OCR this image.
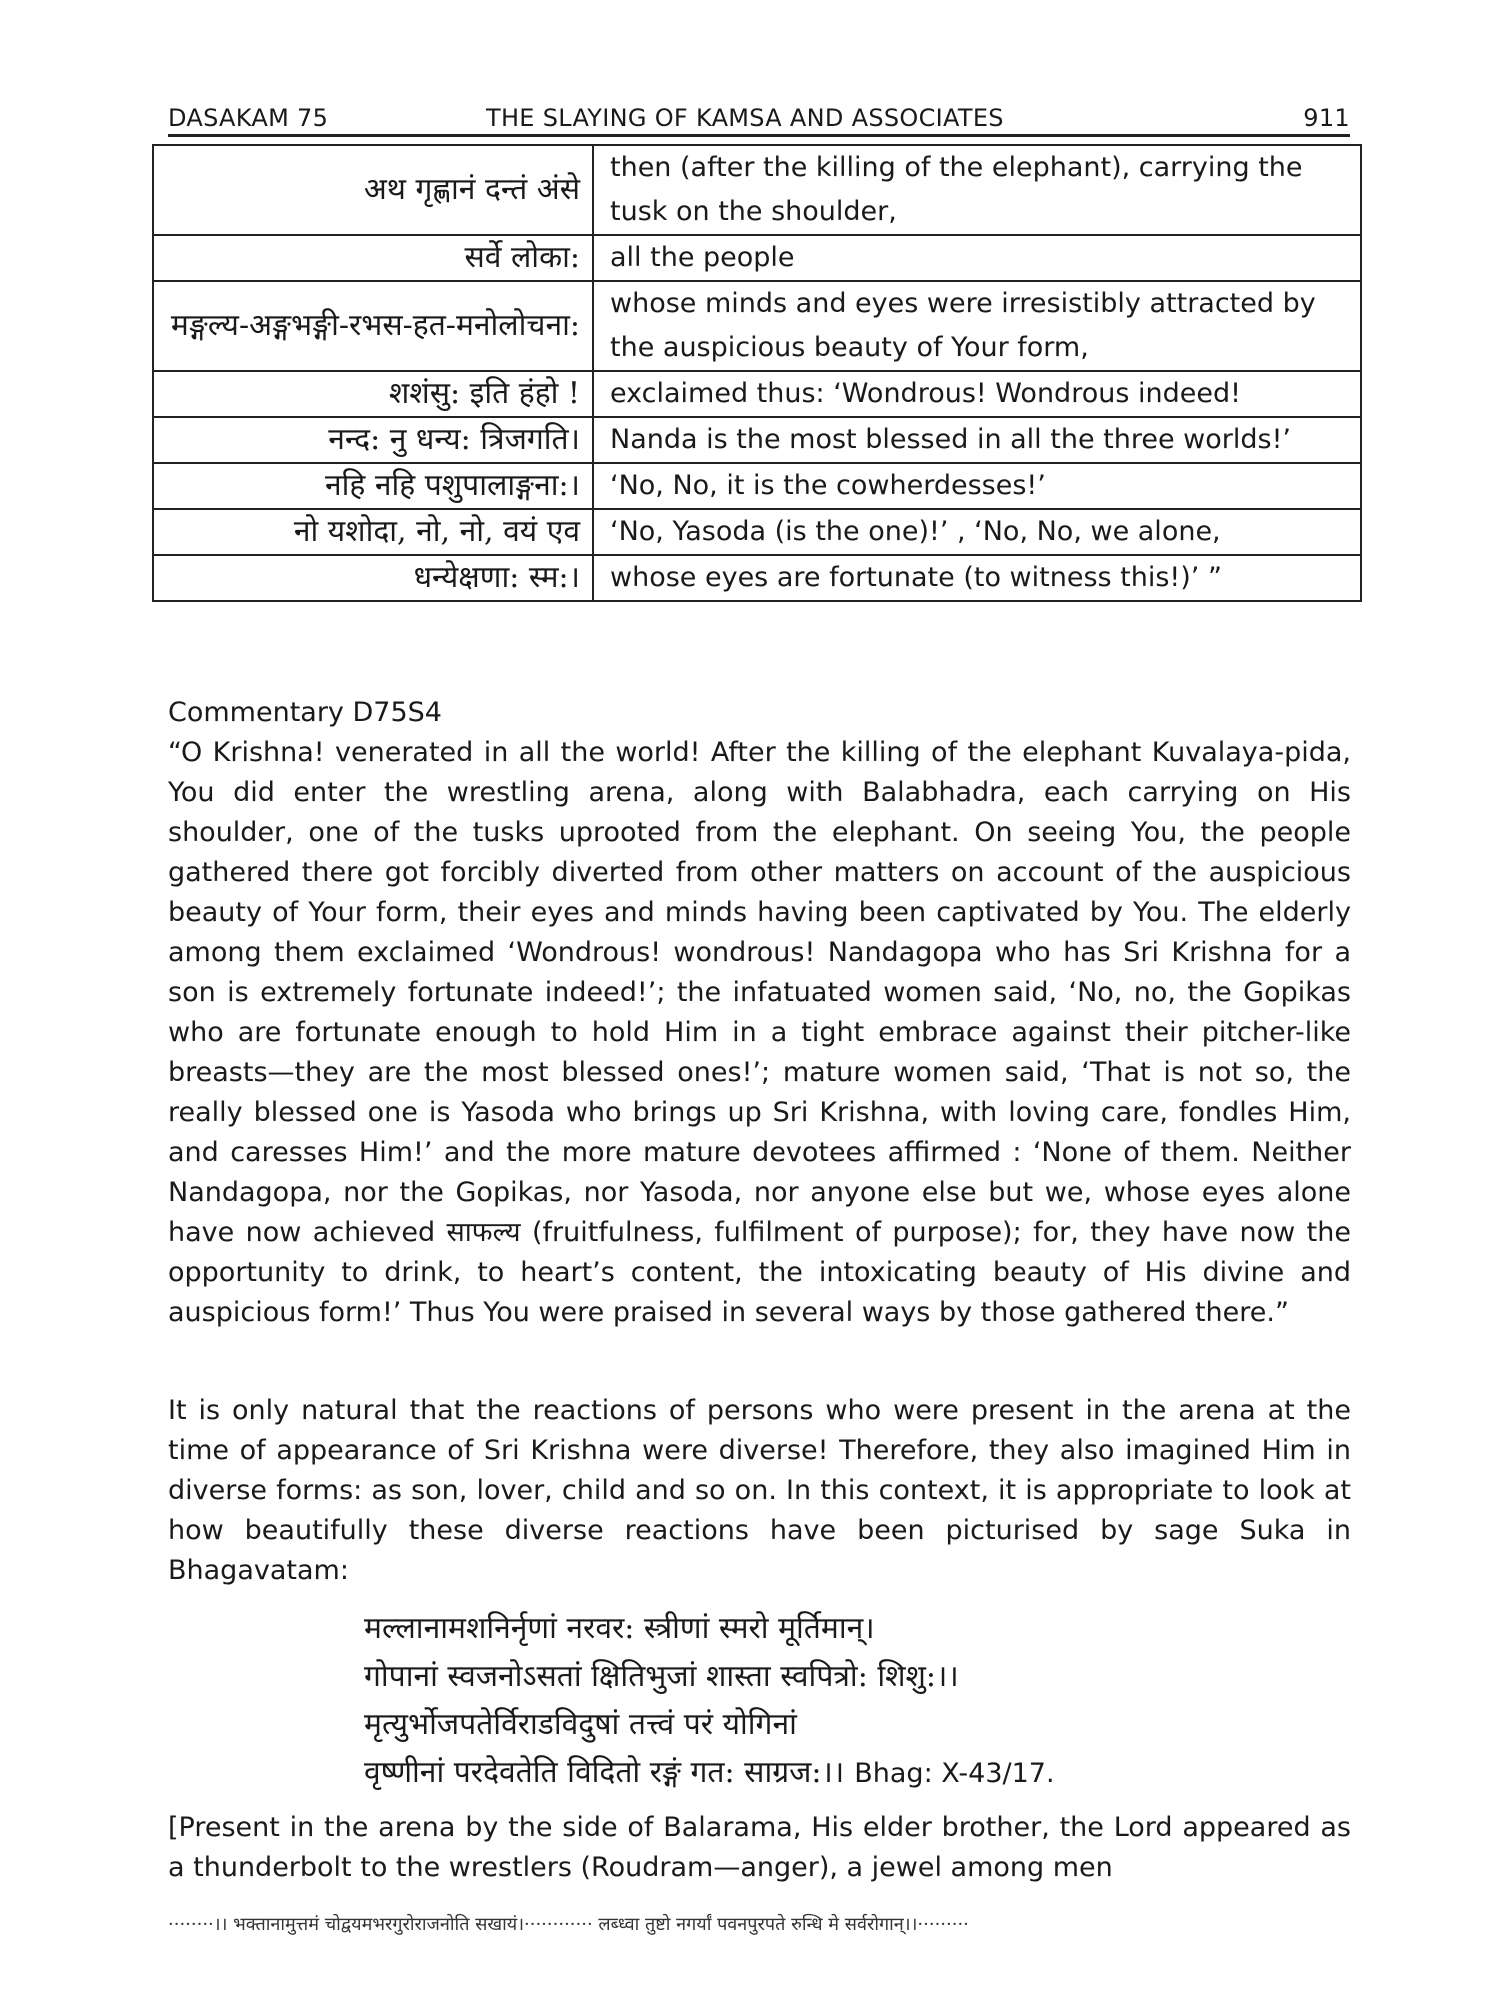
DASAKAM 75	THE SLAYING OF KAMSA AND ASSOCIATES	911
अथ गृह्णानं दन्तं अंसे	then (after the killing of the elephant), carrying the tusk on the shoulder,
सर्वे लोका:	all the people
मङ्गल्य-अङ्गभङ्गी-रभस-हत-मनोलोचना:	whose minds and eyes were irresistibly attracted by the auspicious beauty of Your form,
शशंसु: इति हंहो !	exclaimed thus: ‘Wondrous! Wondrous indeed!
नन्द: नु धन्य: त्रिजगति।	Nanda is the most blessed in all the three worlds!’
नहि नहि पशुपालाङ्गना:।	‘No, No, it is the cowherdesses!’
नो यशोदा, नो, नो, वयं एव	‘No, Yasoda (is the one)!’ , ‘No, No, we alone,
धन्येक्षणा: स्म:।	whose eyes are fortunate (to witness this!)’ ”
Commentary D75S4

“O Krishna! venerated in all the world! After the killing of the elephant Kuvalaya-pida, You did enter the wrestling arena, along with Balabhadra, each carrying on His shoulder, one of the tusks uprooted from the elephant. On seeing You, the people gathered there got forcibly diverted from other matters on account of the auspicious beauty of Your form, their eyes and minds having been captivated by You. The elderly among them exclaimed ‘Wondrous! wondrous! Nandagopa who has Sri Krishna for a son is extremely fortunate indeed!’; the infatuated women said, ‘No, no, the Gopikas who are fortunate enough to hold Him in a tight embrace against their pitcher-like breasts—they are the most blessed ones!’; mature women said, ‘That is not so, the really blessed one is Yasoda who brings up Sri Krishna, with loving care, fondles Him, and caresses Him!’ and the more mature devotees affirmed : ‘None of them. Neither Nandagopa, nor the Gopikas, nor Yasoda, nor anyone else but we, whose eyes alone have now achieved साफल्य (fruitfulness, fulfilment of purpose); for, they have now the opportunity to drink, to heart’s content, the intoxicating beauty of His divine and auspicious form!’ Thus You were praised in several ways by those gathered there.”

It is only natural that the reactions of persons who were present in the arena at the time of appearance of Sri Krishna were diverse! Therefore, they also imagined Him in diverse forms: as son, lover, child and so on. In this context, it is appropriate to look at how beautifully these diverse reactions have been picturised by sage Suka in Bhagavatam:

मल्लानामशनिर्नृणां नरवर: स्त्रीणां स्मरो मूर्तिमान्।
गोपानां स्वजनोऽसतां क्षितिभुजां शास्ता स्वपित्रो: शिशु:।।
मृत्युर्भोजपतेर्विराडविदुषां तत्त्वं परं योगिनां
वृष्णीनां परदेवतेति विदितो रङ्गं गत: साग्रज:।। Bhag: X-43/17.

[Present in the arena by the side of Balarama, His elder brother, the Lord appeared as a thunderbolt to the wrestlers (Roudram—anger), a jewel among men

········।। भक्तानामुत्तमं चोद्वयमभरगुरोराजनोति सखायं।············ लब्ध्वा तुष्टो नगर्यां पवनपुरपते रुन्धि मे सर्वरोगान्।।·········
